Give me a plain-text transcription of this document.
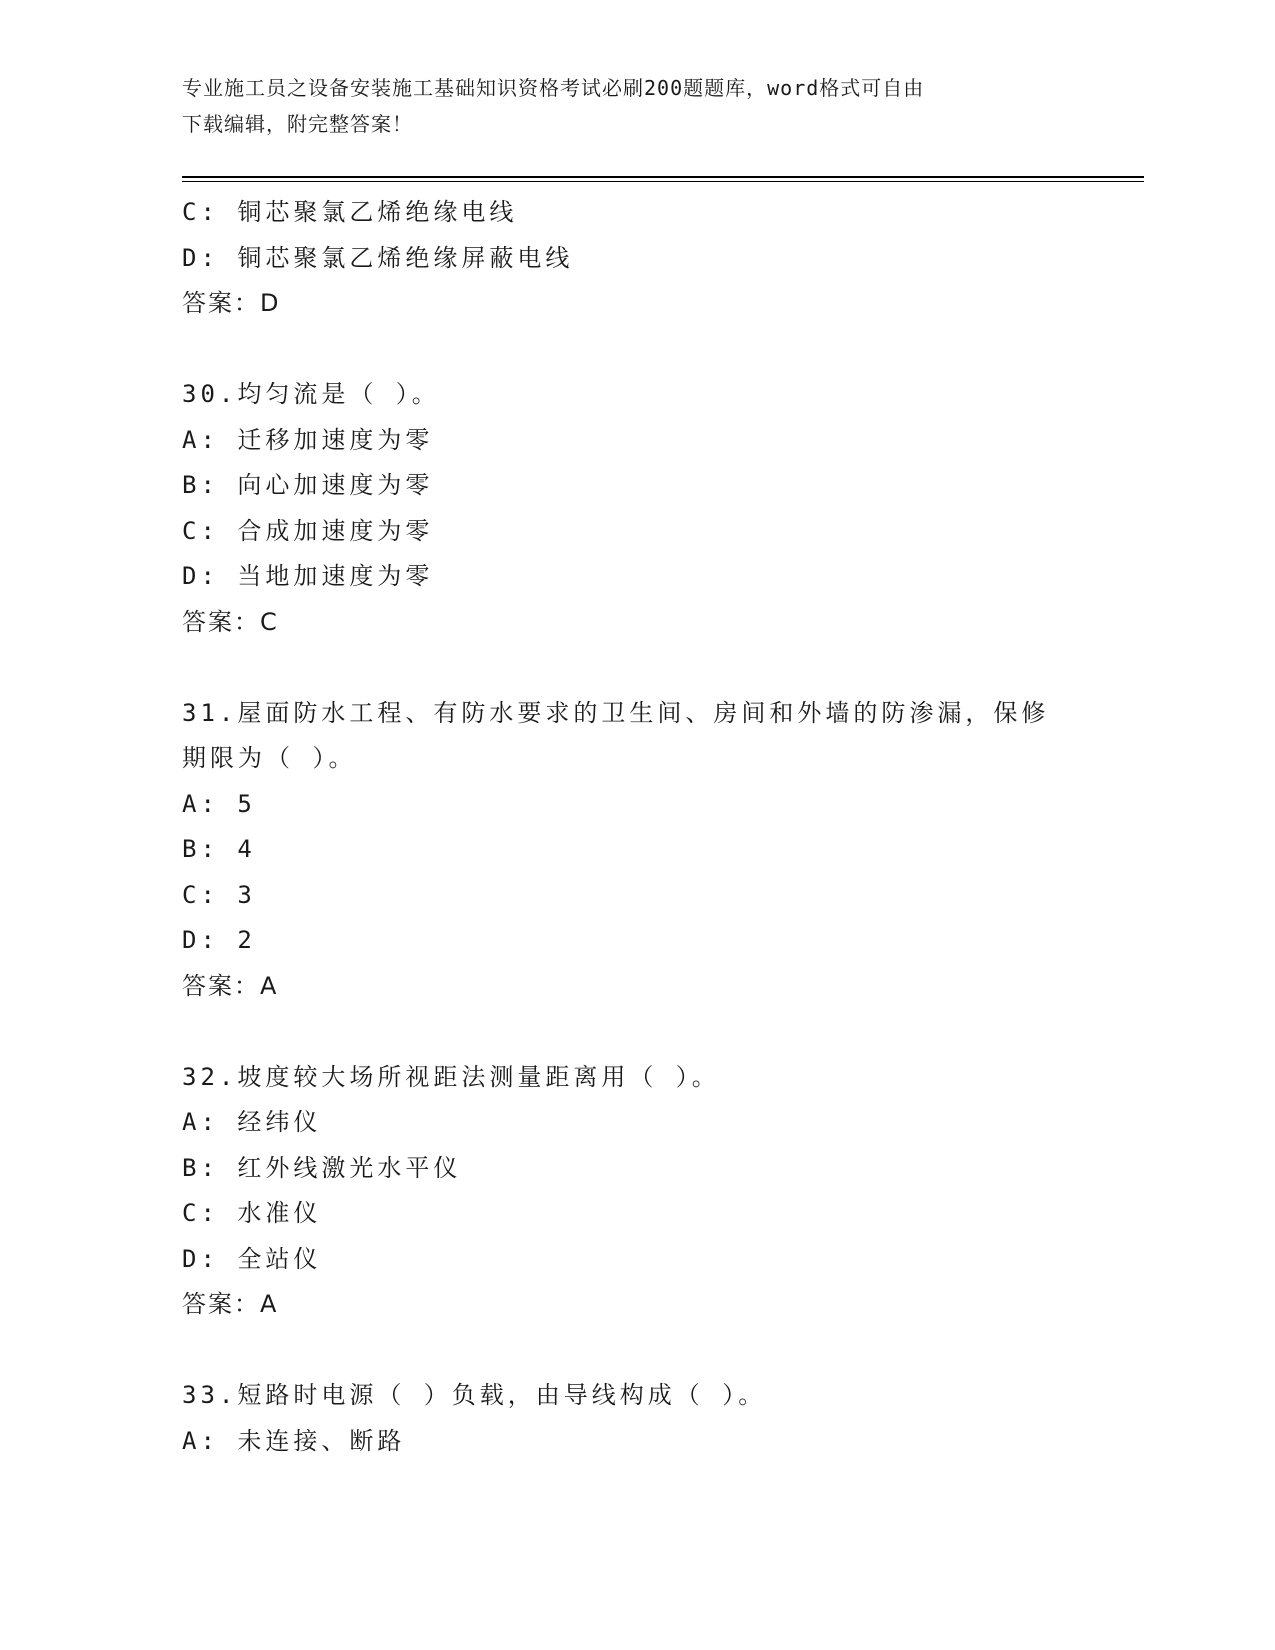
专业施工员之设备安装施工基础知识资格考试必刷200题题库，word格式可自由
下载编辑，附完整答案！
C: 铜芯聚氯乙烯绝缘电线
D: 铜芯聚氯乙烯绝缘屏蔽电线
答案：D
30.均匀流是（ ）。
A: 迁移加速度为零
B: 向心加速度为零
C: 合成加速度为零
D: 当地加速度为零
答案：C
31.屋面防水工程、有防水要求的卫生间、房间和外墙的防渗漏，保修
期限为（ ）。
A: 5
B: 4
C: 3
D: 2
答案：A
32.坡度较大场所视距法测量距离用（ ）。
A: 经纬仪
B: 红外线激光水平仪
C: 水准仪
D: 全站仪
答案：A
33.短路时电源（ ）负载，由导线构成（ ）。
A: 未连接、断路
